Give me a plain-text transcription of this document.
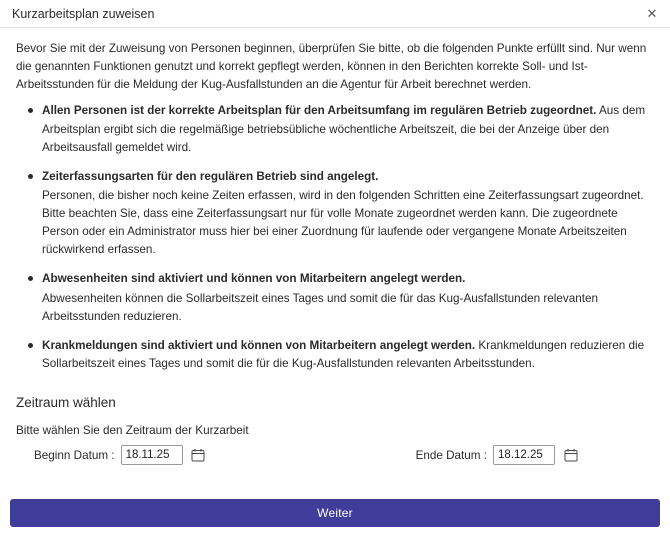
Kurzarbeitsplan zuweisen	✕

Bevor Sie mit der Zuweisung von Personen beginnen, überprüfen Sie bitte, ob die folgenden Punkte erfüllt sind. Nur wenn die genannten Funktionen genutzt und korrekt gepflegt werden, können in den Berichten korrekte Soll- und Ist-Arbeitsstunden für die Meldung der Kug-Ausfallstunden an die Agentur für Arbeit berechnet werden.

Allen Personen ist der korrekte Arbeitsplan für den Arbeitsumfang im regulären Betrieb zugeordnet. Aus dem Arbeitsplan ergibt sich die regelmäßige betriebsübliche wöchentliche Arbeitszeit, die bei der Anzeige über den Arbeitsausfall gemeldet wird.
Zeiterfassungsarten für den regulären Betrieb sind angelegt.
Personen, die bisher noch keine Zeiten erfassen, wird in den folgenden Schritten eine Zeiterfassungsart zugeordnet. Bitte beachten Sie, dass eine Zeiterfassungsart nur für volle Monate zugeordnet werden kann. Die zugeordnete Person oder ein Administrator muss hier bei einer Zuordnung für laufende oder vergangene Monate Arbeitszeiten rückwirkend erfassen.
Abwesenheiten sind aktiviert und können von Mitarbeitern angelegt werden.
Abwesenheiten können die Sollarbeitszeit eines Tages und somit die für das Kug-Ausfallstunden relevanten Arbeitsstunden reduzieren.
Krankmeldungen sind aktiviert und können von Mitarbeitern angelegt werden. Krankmeldungen reduzieren die Sollarbeitszeit eines Tages und somit die für die Kug-Ausfallstunden relevanten Arbeitsstunden.
Zeitraum wählen
Bitte wählen Sie den Zeitraum der Kurzarbeit
Beginn Datum :
18.11.25	Ende Datum :
18.12.25
Weiter
